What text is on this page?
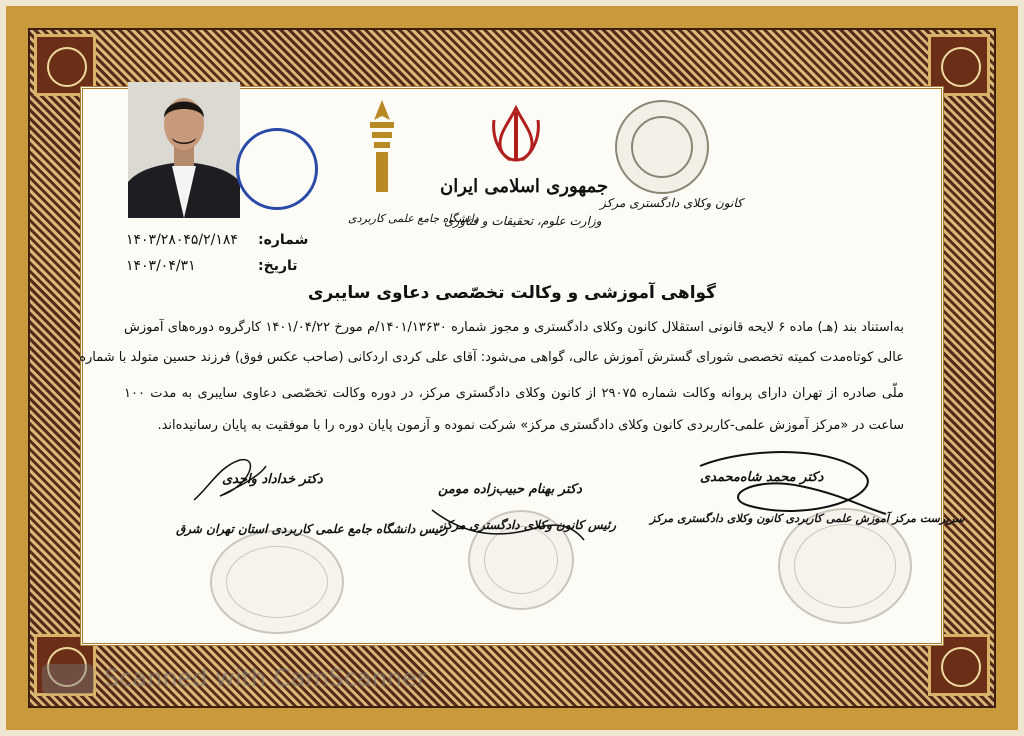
کانون وکلای دادگستری مرکز
جمهوری اسلامی ایران
وزارت علوم، تحقیقات و فناوری
دانشگاه جامع علمی کاربردی
شماره:
۱۴۰۳/۲۸۰۴۵/۲/۱۸۴
تاریخ:
۱۴۰۳/۰۴/۳۱
گواهی آموزشی و وکالت تخصّصی دعاوی سایبری
به‌استناد بند (هـ) ماده ۶ لایحه قانونی استقلال کانون وکلای دادگستری و مجوز شماره ۱۴۰۱/۱۳۶۳۰/م مورخ ۱۴۰۱/۰۴/۲۲ کارگروه دوره‌های آموزش
عالی کوتاه‌مدت کمیته تخصصی شورای گسترش آموزش عالی، گواهی می‌شود: آقای علی کردی اردکانی (صاحب عکس فوق) فرزند حسین متولد با شماره
ملّی صادره از تهران دارای پروانه وکالت شماره ۲۹۰۷۵ از کانون وکلای دادگستری مرکز، در دوره وکالت تخصّصی دعاوی سایبری به مدت ۱۰۰
ساعت در «مرکز آموزش علمی-کاربردی کانون وکلای دادگستری مرکز» شرکت نموده و آزمون پایان دوره را با موفقیت به پایان رسانیده‌اند.
دکتر محمد شاه‌محمدی
سرپرست مرکز آموزش علمی کاربردی کانون وکلای دادگستری مرکز
دکتر بهنام حبیب‌زاده مومن
رئیس کانون وکلای دادگستری مرکز
دکتر خداداد واحدی
رئیس دانشگاه جامع علمی کاربردی استان تهران شرق
Scanned with CamScanner
